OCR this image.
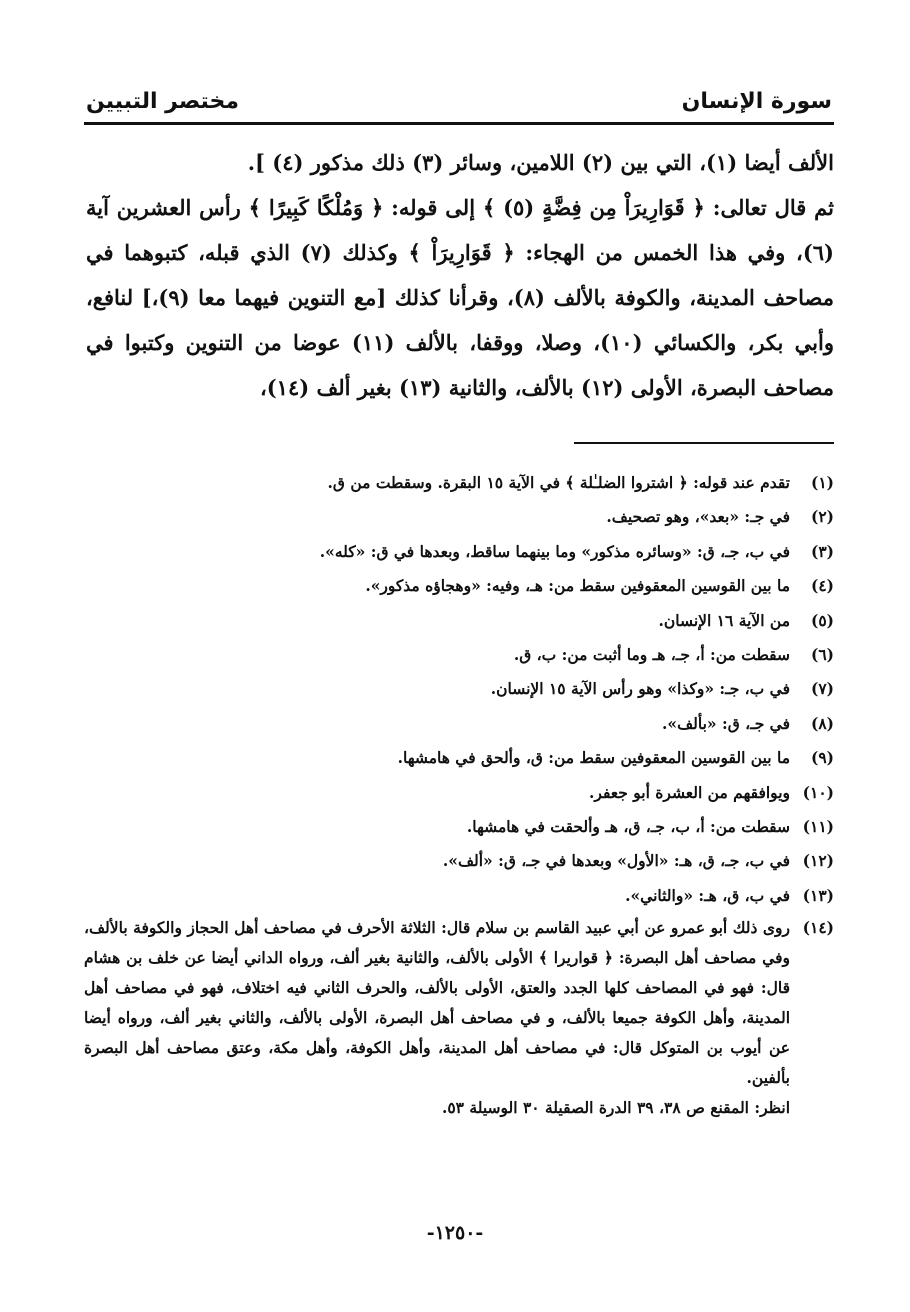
سورة الإنسان
مختصر التبيين

الألف أيضا (١)، التي بين (٢) اللامين، وسائر (٣) ذلك مذكور (٤) ].

ثم قال تعالى: ﴿ قَوَارِيرَاْ مِن فِضَّةٍ (٥) ﴾ إلى قوله: ﴿ وَمُلْكًا كَبِيرًا ﴾ رأس العشرين آية (٦)، وفي هذا الخمس من الهجاء: ﴿ قَوَارِيرَاْ ﴾ وكذلك (٧) الذي قبله، كتبوهما في مصاحف المدينة، والكوفة بالألف (٨)، وقرأنا كذلك [مع التنوين فيهما معا (٩)،] لنافع، وأبي بكر، والكسائي (١٠)، وصلا، ووقفا، بالألف (١١) عوضا من التنوين وكتبوا في مصاحف البصرة، الأولى (١٢) بالألف، والثانية (١٣) بغير ألف (١٤)،

(١)
تقدم عند قوله: ﴿ اشتروا الضلـٰلة ﴾ في الآية ١٥ البقرة. وسقطت من ق.
(٢)
في جـ: «بعد»، وهو تصحيف.
(٣)
في ب، جـ، ق: «وسائره مذكور» وما بينهما ساقط، وبعدها في ق: «كله».
(٤)
ما بين القوسين المعقوفين سقط من: هـ، وفيه: «وهجاؤه مذكور».
(٥)
من الآية ١٦ الإنسان.
(٦)
سقطت من: أ، جـ، هـ وما أثبت من: ب، ق.
(٧)
في ب، جـ: «وكذا» وهو رأس الآية ١٥ الإنسان.
(٨)
في جـ، ق: «بألف».
(٩)
ما بين القوسين المعقوفين سقط من: ق، وألحق في هامشها.
(١٠)
ويوافقهم من العشرة أبو جعفر.
(١١)
سقطت من: أ، ب، جـ، ق، هـ وألحقت في هامشها.
(١٢)
في ب، جـ، ق، هـ: «الأول» وبعدها في جـ، ق: «ألف».
(١٣)
في ب، ق، هـ: «والثاني».
(١٤)
روى ذلك أبو عمرو عن أبي عبيد القاسم بن سلام قال: الثلاثة الأحرف في مصاحف أهل الحجاز والكوفة بالألف، وفي مصاحف أهل البصرة: ﴿ قواريرا ﴾ الأولى بالألف، والثانية بغير ألف، ورواه الداني أيضا عن خلف بن هشام قال: فهو في المصاحف كلها الجدد والعتق، الأولى بالألف، والحرف الثاني فيه اختلاف، فهو في مصاحف أهل المدينة، وأهل الكوفة جميعا بالألف، و في مصاحف أهل البصرة، الأولى بالألف، والثاني بغير ألف، ورواه أيضا عن أيوب بن المتوكل قال: في مصاحف أهل المدينة، وأهل الكوفة، وأهل مكة، وعتق مصاحف أهل البصرة بألفين.
انظر: المقنع ص ٣٨، ٣٩ الدرة الصقيلة ٣٠ الوسيلة ٥٣.
-١٢٥٠-
